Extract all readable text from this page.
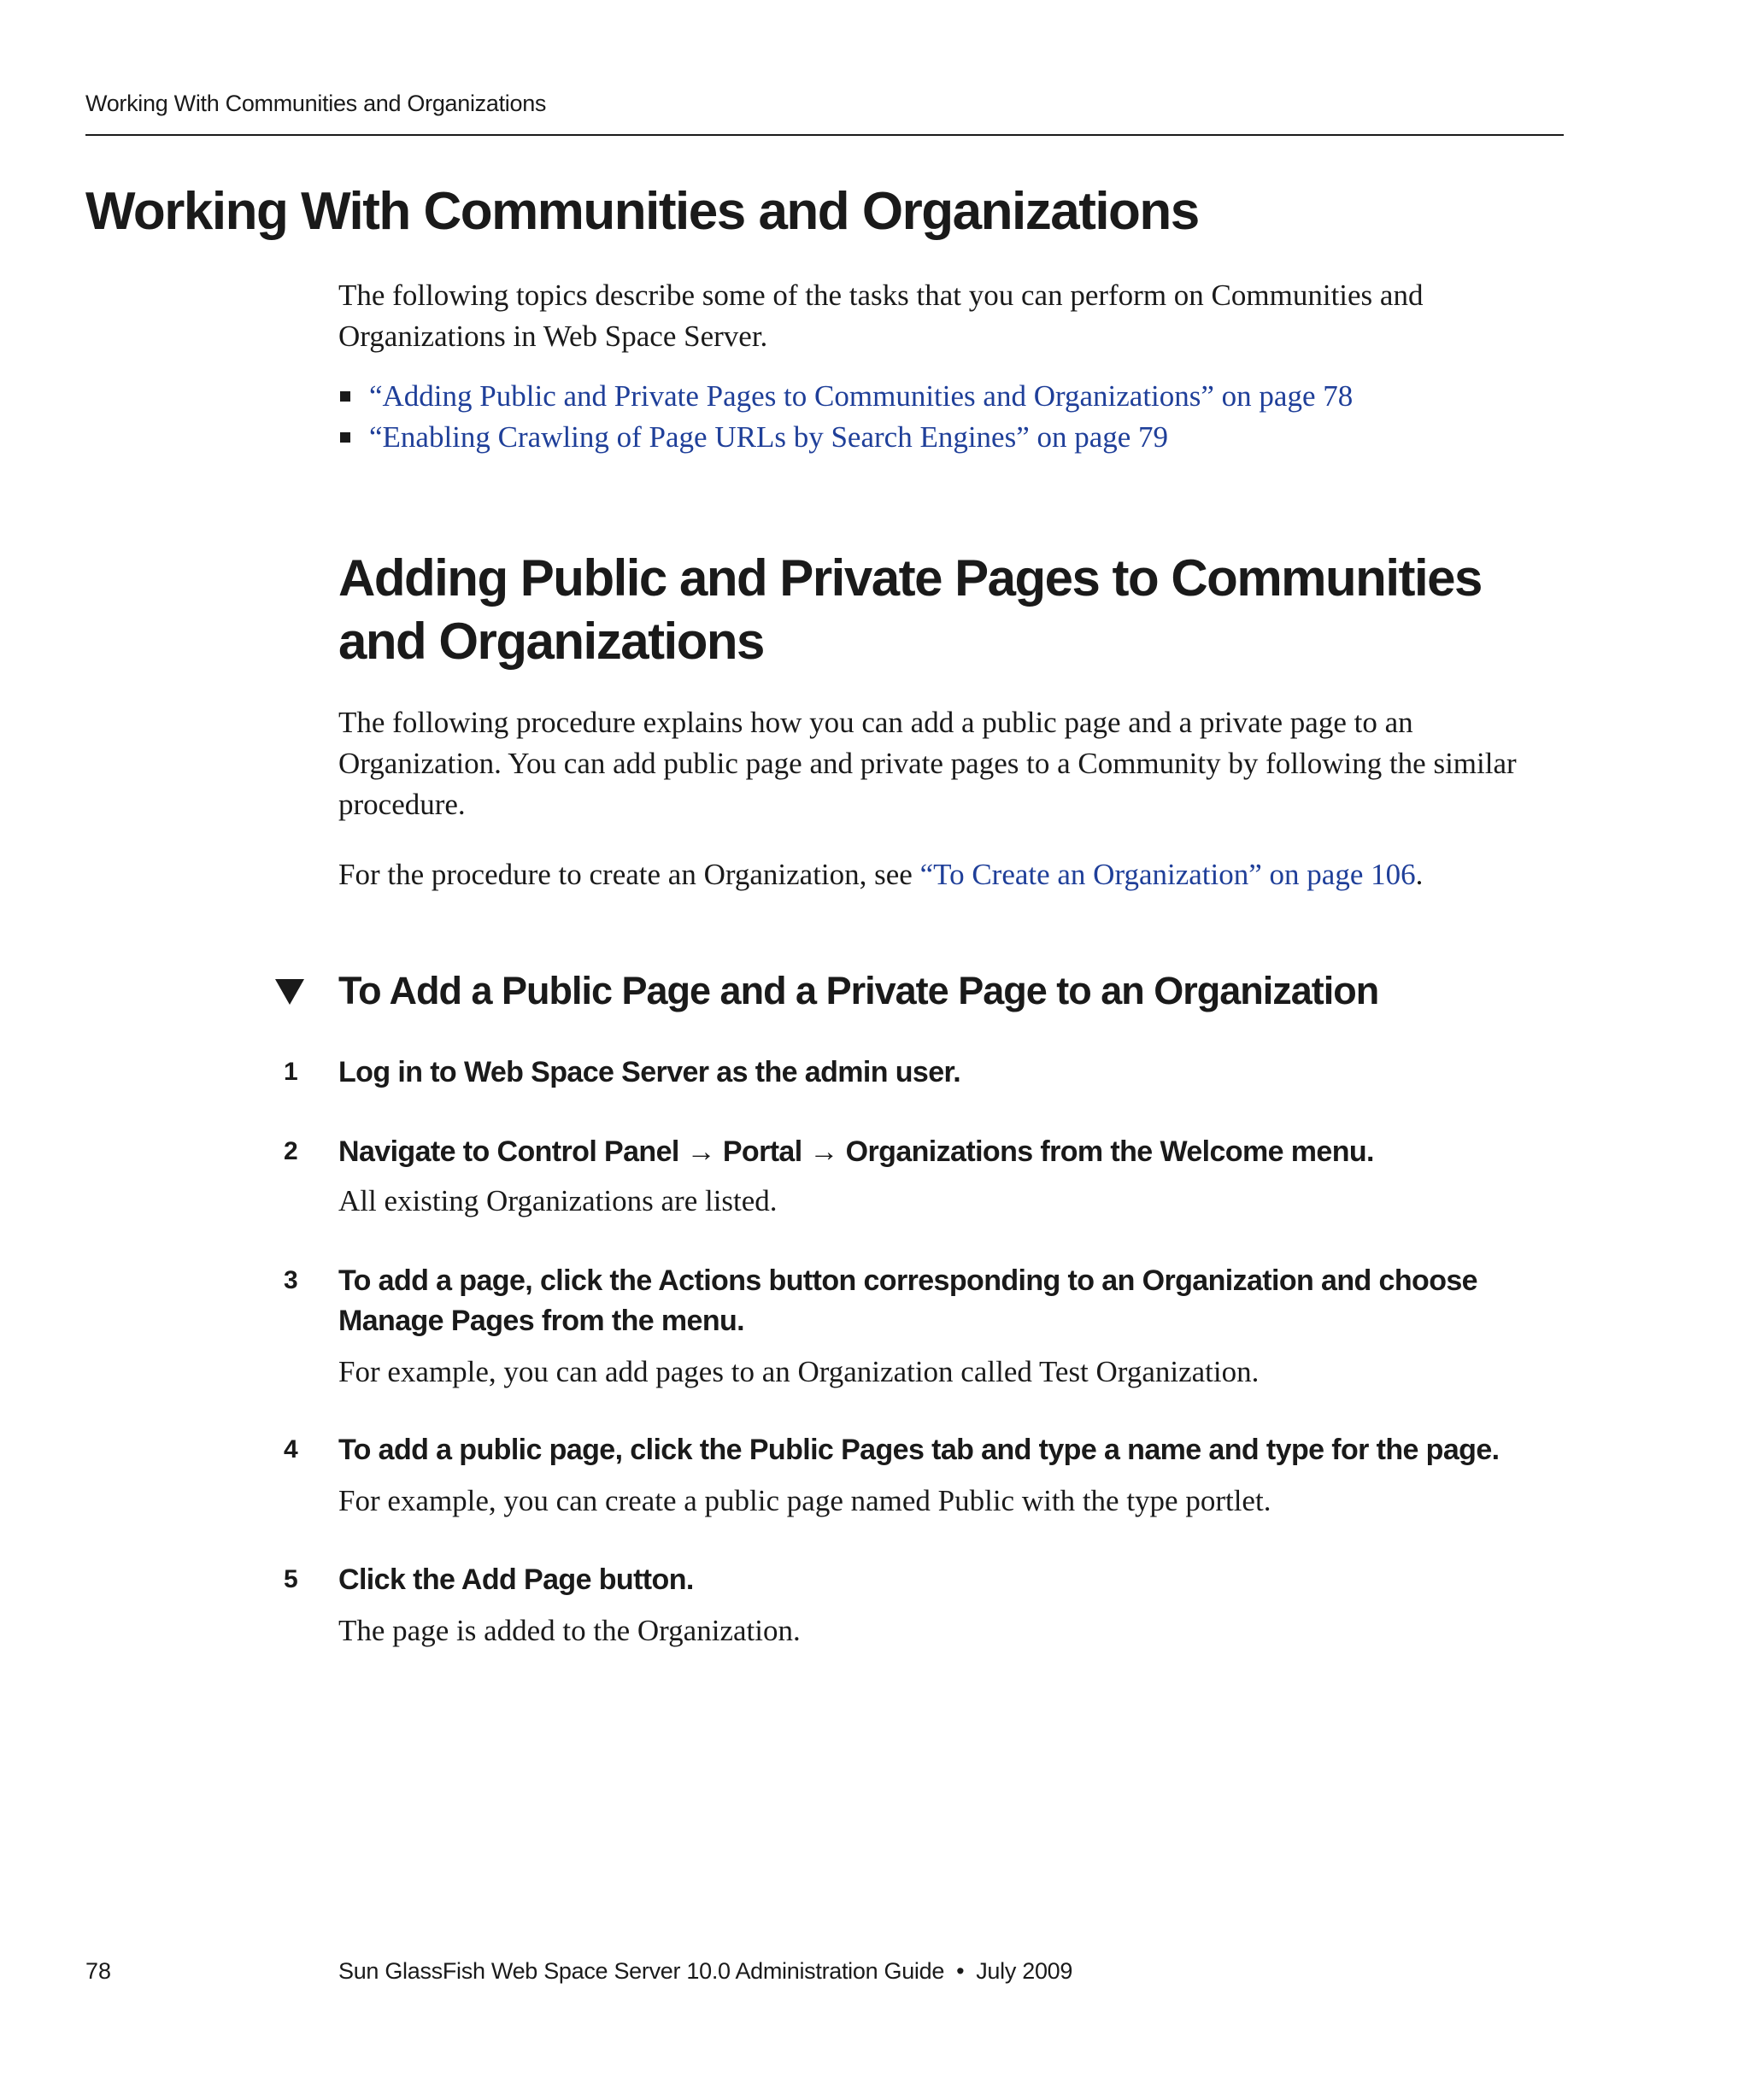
Working With Communities and Organizations
Working With Communities and Organizations

The following topics describe some of the tasks that you can perform on Communities and Organizations in Web Space Server.

“Adding Public and Private Pages to Communities and Organizations” on page 78
“Enabling Crawling of Page URLs by Search Engines” on page 79
Adding Public and Private Pages to Communities and Organizations

The following procedure explains how you can add a public page and a private page to an Organization. You can add public page and private pages to a Community by following the similar procedure.

For the procedure to create an Organization, see “To Create an Organization” on page 106.

To Add a Public Page and a Private Page to an Organization
1 Log in to Web Space Server as the admin user.
2 Navigate to Control Panel → Portal → Organizations from the Welcome menu.
All existing Organizations are listed.
3 To add a page, click the Actions button corresponding to an Organization and choose Manage Pages from the menu.
For example, you can add pages to an Organization called Test Organization.
4 To add a public page, click the Public Pages tab and type a name and type for the page.
For example, you can create a public page named Public with the type portlet.
5 Click the Add Page button.
The page is added to the Organization.
78	Sun GlassFish Web Space Server 10.0 Administration Guide • July 2009
